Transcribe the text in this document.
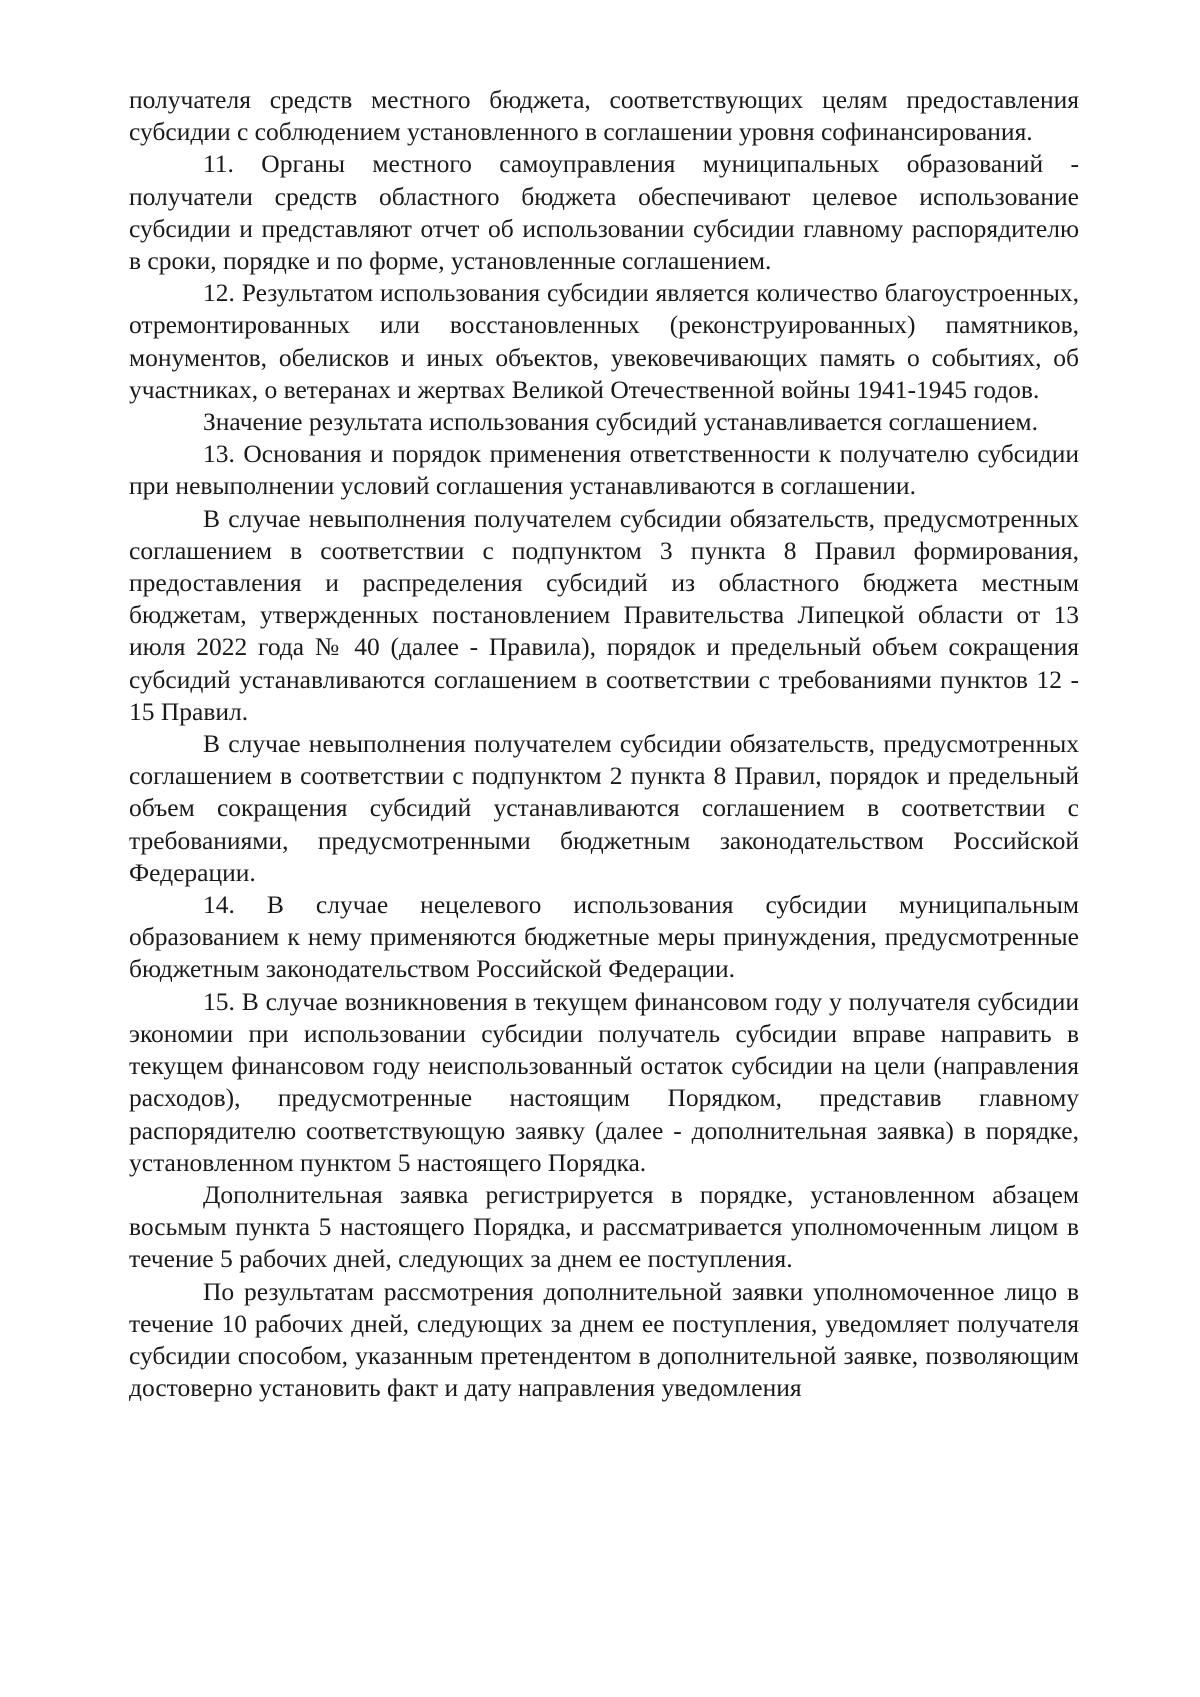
получателя средств местного бюджета, соответствующих целям предоставления субсидии с соблюдением установленного в соглашении уровня софинансирования.

11. Органы местного самоуправления муниципальных образований - получатели средств областного бюджета обеспечивают целевое использование субсидии и представляют отчет об использовании субсидии главному распорядителю в сроки, порядке и по форме, установленные соглашением.

12. Результатом использования субсидии является количество благоустроенных, отремонтированных или восстановленных (реконструированных) памятников, монументов, обелисков и иных объектов, увековечивающих память о событиях, об участниках, о ветеранах и жертвах Великой Отечественной войны 1941-1945 годов.

Значение результата использования субсидий устанавливается соглашением.

13. Основания и порядок применения ответственности к получателю субсидии при невыполнении условий соглашения устанавливаются в соглашении.

В случае невыполнения получателем субсидии обязательств, предусмотренных соглашением в соответствии с подпунктом 3 пункта 8 Правил формирования, предоставления и распределения субсидий из областного бюджета местным бюджетам, утвержденных постановлением Правительства Липецкой области от 13 июля 2022 года № 40 (далее - Правила), порядок и предельный объем сокращения субсидий устанавливаются соглашением в соответствии с требованиями пунктов 12 - 15 Правил.

В случае невыполнения получателем субсидии обязательств, предусмотренных соглашением в соответствии с подпунктом 2 пункта 8 Правил, порядок и предельный объем сокращения субсидий устанавливаются соглашением в соответствии с требованиями, предусмотренными бюджетным законодательством Российской Федерации.

14. В случае нецелевого использования субсидии муниципальным образованием к нему применяются бюджетные меры принуждения, предусмотренные бюджетным законодательством Российской Федерации.

15. В случае возникновения в текущем финансовом году у получателя субсидии экономии при использовании субсидии получатель субсидии вправе направить в текущем финансовом году неиспользованный остаток субсидии на цели (направления расходов), предусмотренные настоящим Порядком, представив главному распорядителю соответствующую заявку (далее - дополнительная заявка) в порядке, установленном пунктом 5 настоящего Порядка.

Дополнительная заявка регистрируется в порядке, установленном абзацем восьмым пункта 5 настоящего Порядка, и рассматривается уполномоченным лицом в течение 5 рабочих дней, следующих за днем ее поступления.

По результатам рассмотрения дополнительной заявки уполномоченное лицо в течение 10 рабочих дней, следующих за днем ее поступления, уведомляет получателя субсидии способом, указанным претендентом в дополнительной заявке, позволяющим достоверно установить факт и дату направления уведомления
